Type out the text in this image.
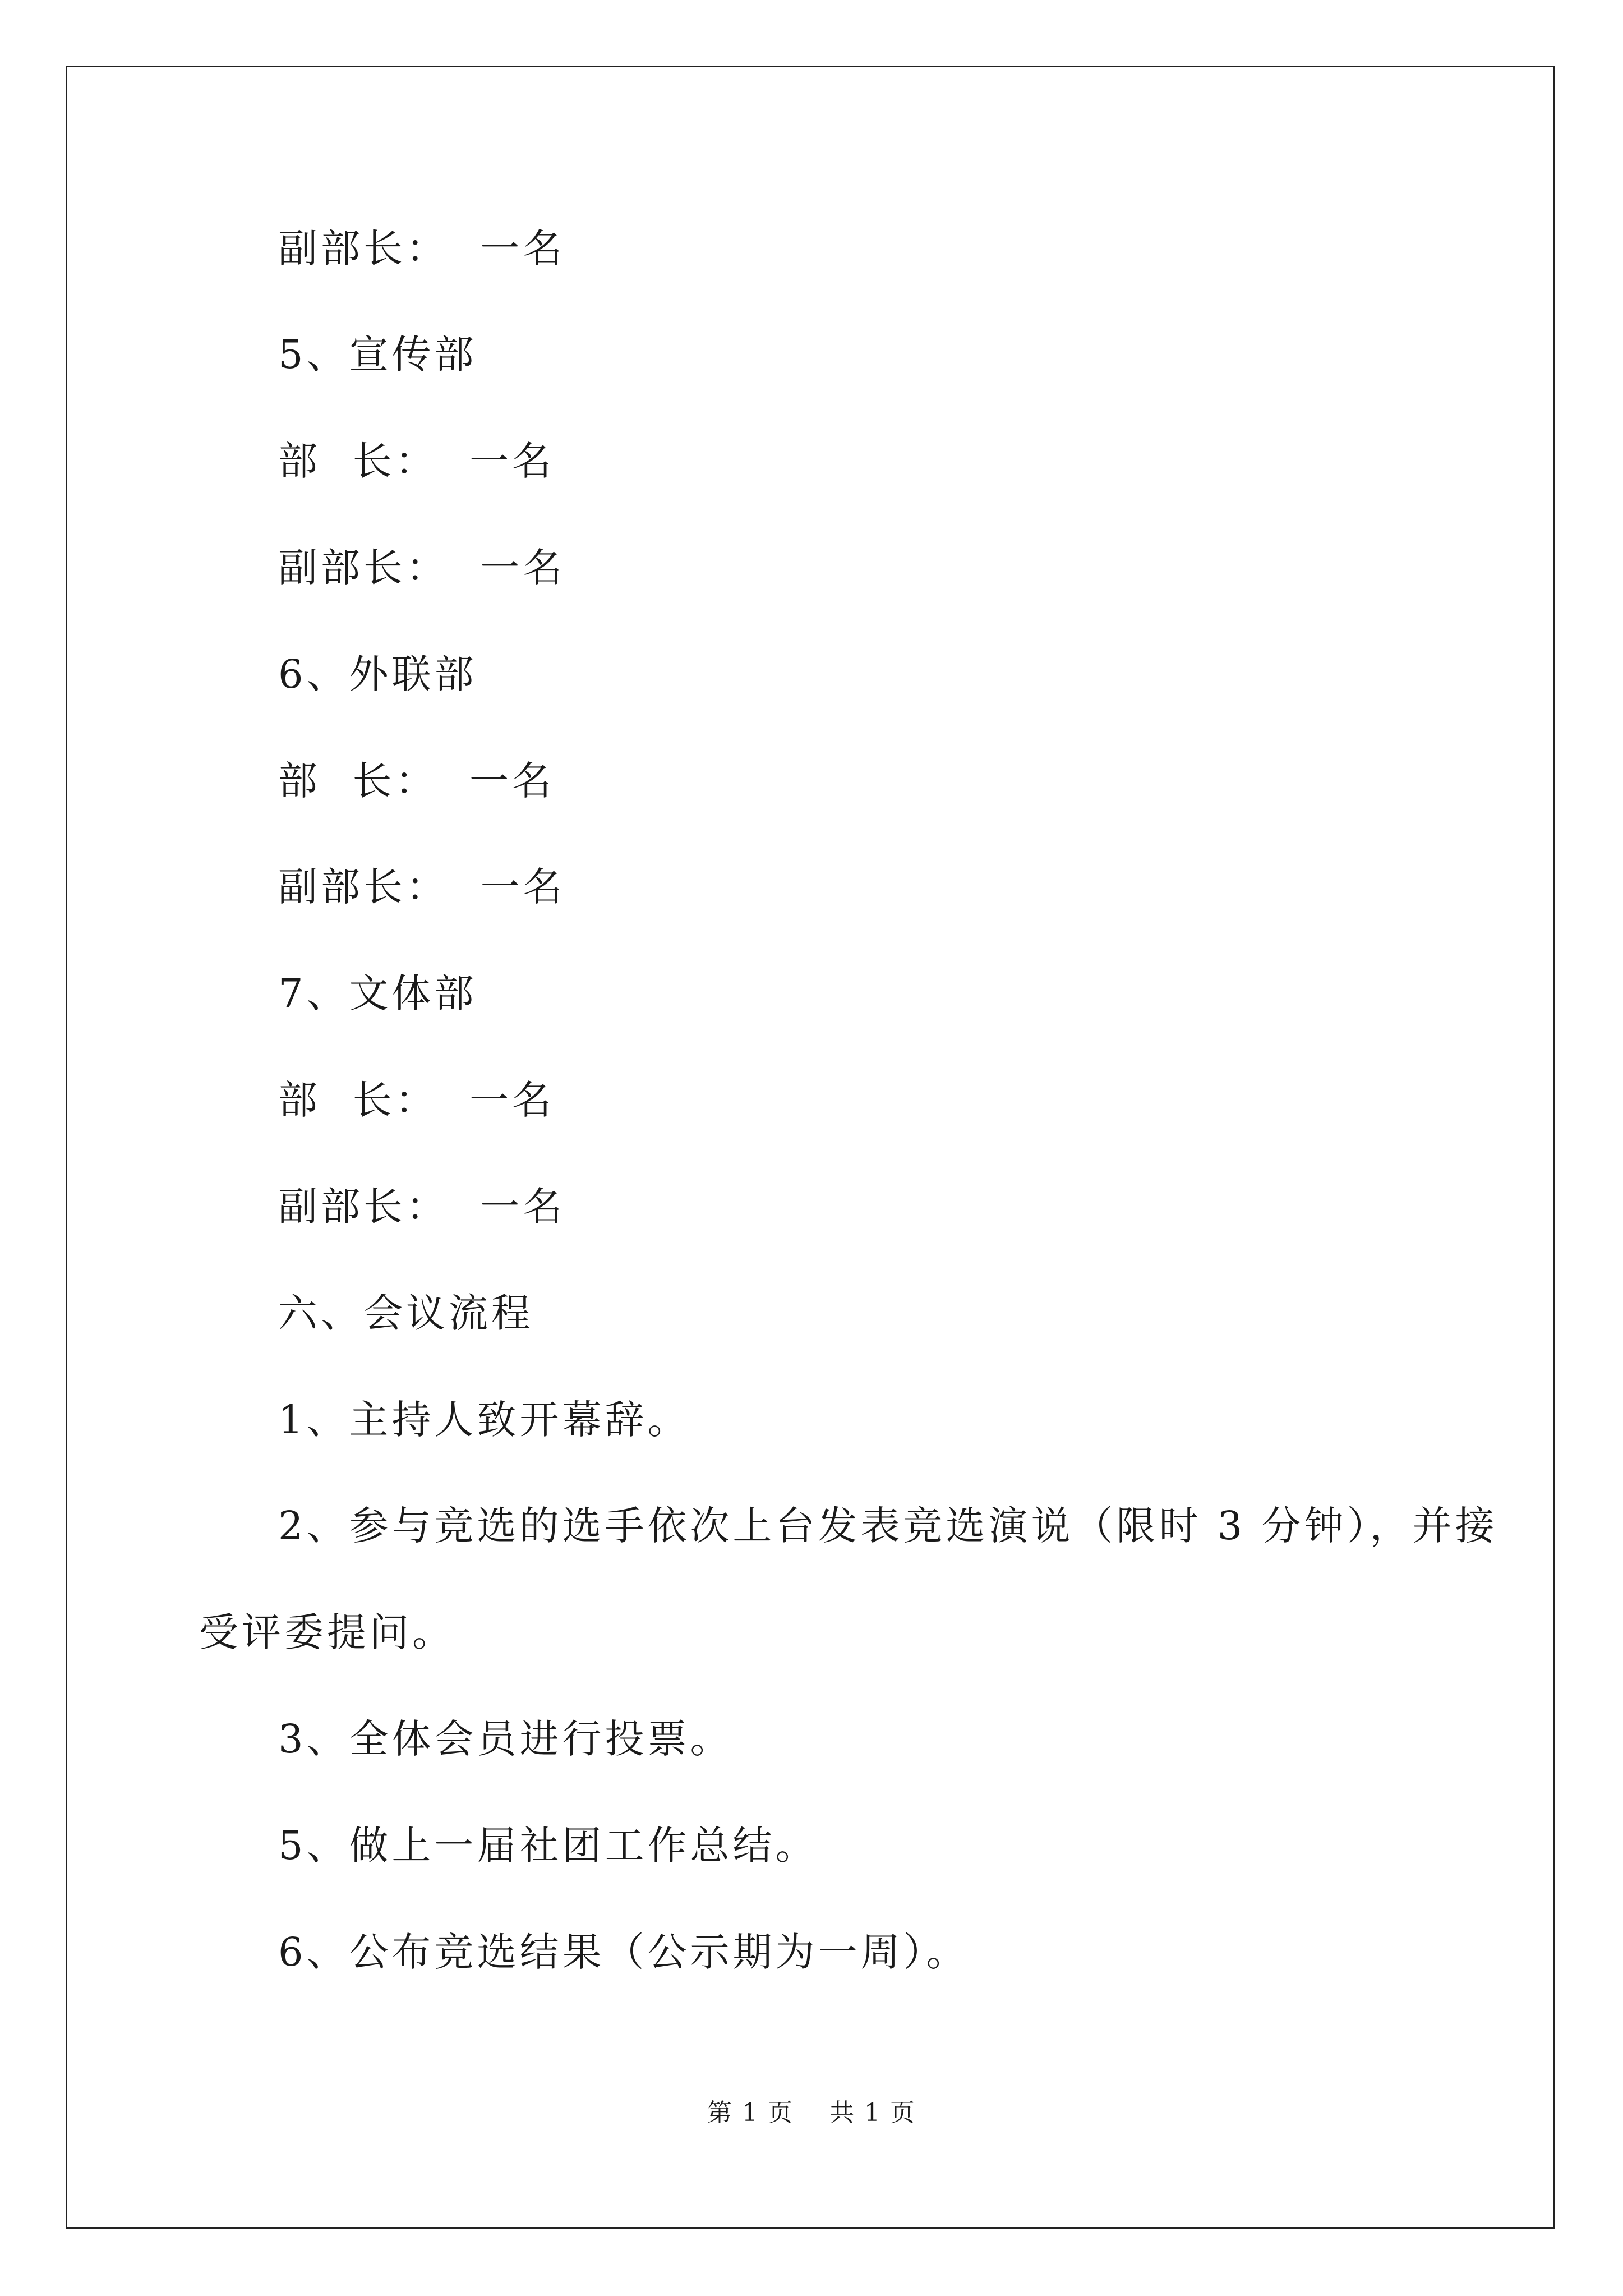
副部长：  一名
5、宣传部
部  长：  一名
副部长：  一名
6、外联部
部  长：  一名
副部长：  一名
7、文体部
部  长：  一名
副部长：  一名
六、会议流程
1、主持人致开幕辞。
2、参与竞选的选手依次上台发表竞选演说（限时 3 分钟），并接
受评委提问。
3、全体会员进行投票。
5、做上一届社团工作总结。
6、公布竞选结果（公示期为一周）。
第 1 页    共 1 页
